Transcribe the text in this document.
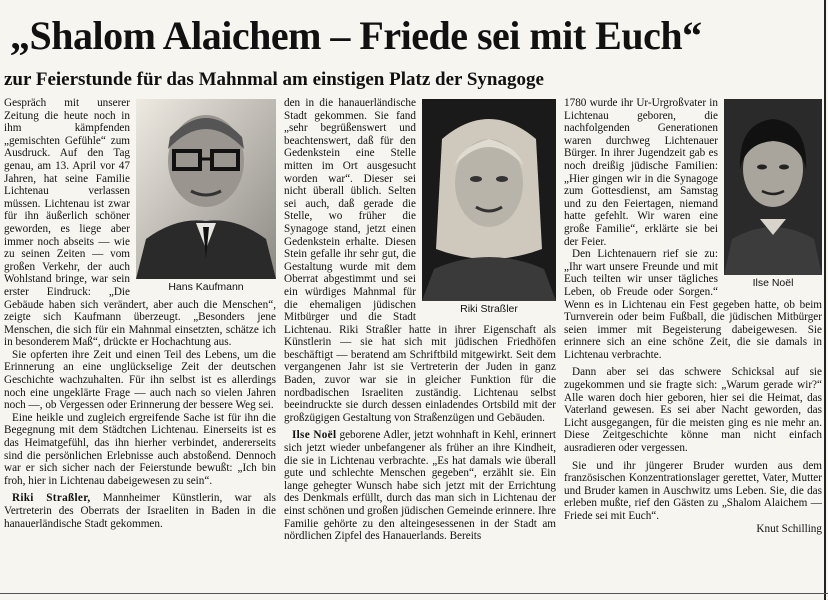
„Shalom Alaichem – Friede sei mit Euch“
zur Feierstunde für das Mahnmal am einstigen Platz der Synagoge
Hans Kaufmann

Gespräch mit unserer Zeitung die heute noch in ihm kämpfenden „gemischten Gefühle“ zum Ausdruck. Auf den Tag genau, am 13. April vor 47 Jahren, hat seine Familie Lichtenau verlassen müssen. Lichtenau ist zwar für ihn äußerlich schöner geworden, es liege aber immer noch abseits — wie zu seinen Zeiten — vom großen Verkehr, der auch Wohlstand bringe, war sein erster Eindruck: „Die Gebäude haben sich verändert, aber auch die Menschen“, zeigte sich Kaufmann überzeugt. „Besonders jene Menschen, die sich für ein Mahnmal einsetzten, schätze ich in besonderem Maß“, drückte er Hochachtung aus.

Sie opferten ihre Zeit und einen Teil des Lebens, um die Erinnerung an eine unglückselige Zeit der deutschen Geschichte wachzuhalten. Für ihn selbst ist es allerdings noch eine ungeklärte Frage — auch nach so vielen Jahren noch —, ob Vergessen oder Erinnerung der bessere Weg sei.

Eine heikle und zugleich ergreifende Sache ist für ihn die Begegnung mit dem Städtchen Lichtenau. Einerseits ist es das Heimatgefühl, das ihn hierher verbindet, andererseits sind die persönlichen Erlebnisse auch abstoßend. Dennoch war er sich sicher nach der Feierstunde bewußt: „Ich bin froh, hier in Lichtenau dabeigewesen zu sein“.

Riki Straßler, Mannheimer Künstlerin, war als Vertreterin des Oberrats der Israeliten in Baden in die hanauerländische Stadt gekommen.

Riki Straßler

den in die hanauerländische Stadt gekommen. Sie fand „sehr begrüßenswert und beachtenswert, daß für den Gedenkstein eine Stelle mitten im Ort ausgesucht worden war“. Dieser sei nicht überall üblich. Selten sei auch, daß gerade die Stelle, wo früher die Synagoge stand, jetzt einen Gedenkstein erhalte. Diesen Stein gefalle ihr sehr gut, die Gestaltung wurde mit dem Oberrat abgestimmt und sei ein würdiges Mahnmal für die ehemaligen jüdischen Mitbürger und die Stadt Lichtenau. Riki Straßler hatte in ihrer Eigenschaft als Künstlerin — sie hat sich mit jüdischen Friedhöfen beschäftigt — beratend am Schriftbild mitgewirkt. Seit dem vergangenen Jahr ist sie Vertreterin der Juden in ganz Baden, zuvor war sie in gleicher Funktion für die nordbadischen Israeliten zuständig. Lichtenau selbst beeindruckte sie durch dessen einladendes Ortsbild mit der großzügigen Gestaltung von Straßenzügen und Gebäuden.

Ilse Noël geborene Adler, jetzt wohnhaft in Kehl, erinnert sich jetzt wieder unbefangener als früher an ihre Kindheit, die sie in Lichtenau verbrachte. „Es hat damals wie überall gute und schlechte Menschen gegeben“, erzählt sie. Ein lange gehegter Wunsch habe sich jetzt mit der Errichtung des Denkmals erfüllt, durch das man sich in Lichtenau der einst schönen und großen jüdischen Gemeinde erinnere. Ihre Familie gehörte zu den alteingesessenen in der Stadt am nördlichen Zipfel des Hanauerlands. Bereits

Ilse Noël

1780 wurde ihr Ur-Urgroßvater in Lichtenau geboren, die nachfolgenden Generationen waren durchweg Lichtenauer Bürger. In ihrer Jugendzeit gab es noch dreißig jüdische Familien: „Hier gingen wir in die Synagoge zum Gottesdienst, am Samstag und zu den Feiertagen, niemand hatte gefehlt. Wir waren eine große Familie“, erklärte sie bei der Feier.

Den Lichtenauern rief sie zu: „Ihr wart unsere Freunde und mit Euch teilten wir unser tägliches Leben, ob Freude oder Sorgen.“ Wenn es in Lichtenau ein Fest gegeben hatte, ob beim Turnverein oder beim Fußball, die jüdischen Mitbürger seien immer mit Begeisterung dabeigewesen. Sie erinnere sich an eine schöne Zeit, die sie damals in Lichtenau verbrachte.

Dann aber sei das schwere Schicksal auf sie zugekommen und sie fragte sich: „Warum gerade wir?“ Alle waren doch hier geboren, hier sei die Heimat, das Vaterland gewesen. Es sei aber Nacht geworden, das Licht ausgegangen, für die meisten ging es nie mehr an. Diese Zeitgeschichte könne man nicht einfach ausradieren oder vergessen.

Sie und ihr jüngerer Bruder wurden aus dem französischen Konzentrationslager gerettet, Vater, Mutter und Bruder kamen in Auschwitz ums Leben. Sie, die das erleben mußte, rief den Gästen zu „Shalom Alaichem — Friede sei mit Euch“.

Knut Schilling
